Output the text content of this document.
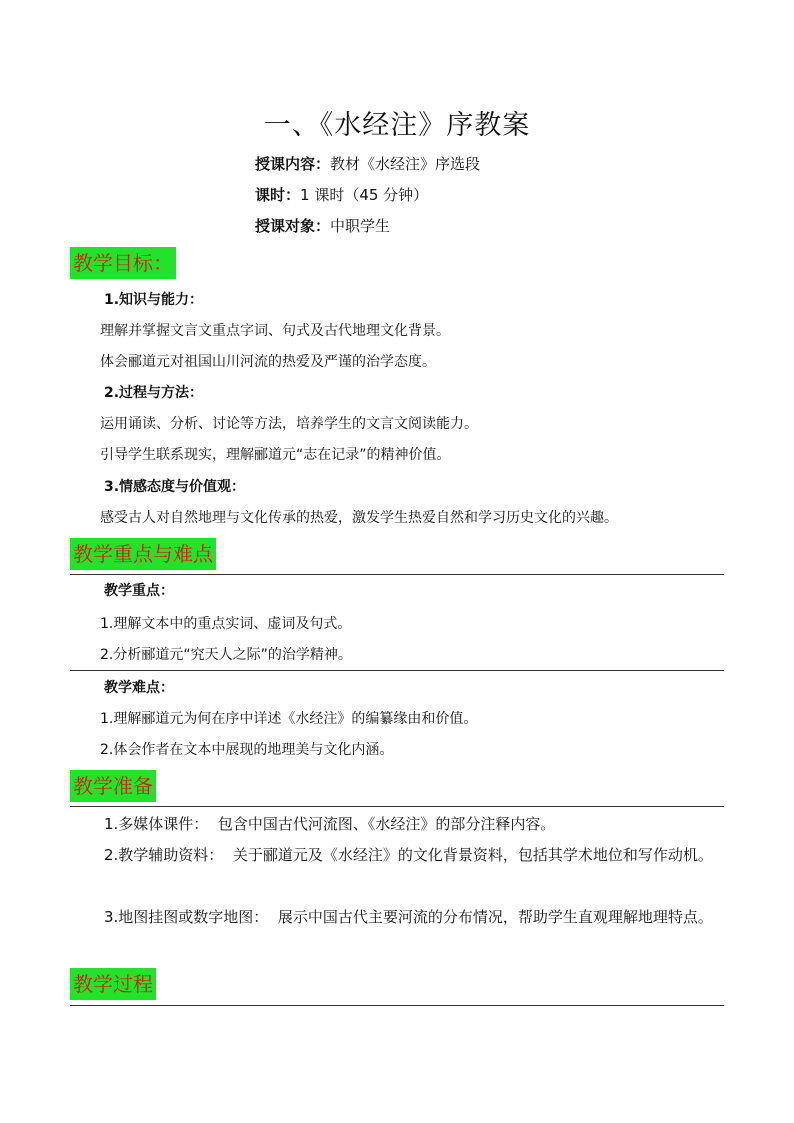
一、《水经注》序教案
授课内容：教材《水经注》序选段
课时：1 课时（45 分钟）
授课对象：中职学生
教学目标：
1.知识与能力：
理解并掌握文言文重点字词、句式及古代地理文化背景。
体会郦道元对祖国山川河流的热爱及严谨的治学态度。
2.过程与方法：
运用诵读、分析、讨论等方法，培养学生的文言文阅读能力。
引导学生联系现实，理解郦道元“志在记录”的精神价值。
3.情感态度与价值观：
感受古人对自然地理与文化传承的热爱，激发学生热爱自然和学习历史文化的兴趣。
教学重点与难点
教学重点：
1.理解文本中的重点实词、虚词及句式。
2.分析郦道元“究天人之际”的治学精神。
教学难点：
1.理解郦道元为何在序中详述《水经注》的编纂缘由和价值。
2.体会作者在文本中展现的地理美与文化内涵。
教学准备
1.多媒体课件： 包含中国古代河流图、《水经注》的部分注释内容。
2.教学辅助资料： 关于郦道元及《水经注》的文化背景资料，包括其学术地位和写作动机。
3.地图挂图或数字地图： 展示中国古代主要河流的分布情况，帮助学生直观理解地理特点。
教学过程
